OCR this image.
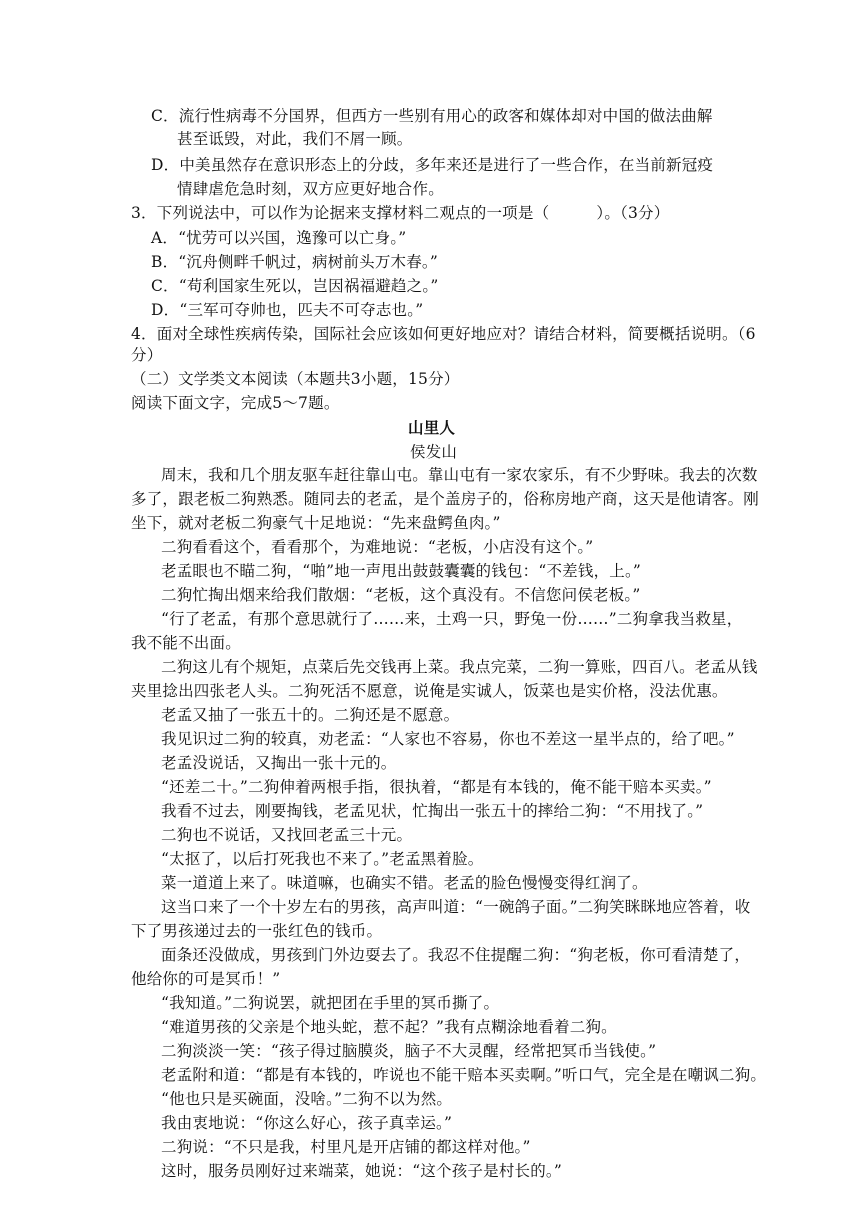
C．流行性病毒不分国界，但西方一些别有用心的政客和媒体却对中国的做法曲解
甚至诋毁，对此，我们不屑一顾。
D．中美虽然存在意识形态上的分歧，多年来还是进行了一些合作，在当前新冠疫
情肆虐危急时刻，双方应更好地合作。
3．下列说法中，可以作为论据来支撑材料二观点的一项是（　　　）。（3分）
A．“忧劳可以兴国，逸豫可以亡身。”
B．“沉舟侧畔千帆过，病树前头万木春。”
C．“苟利国家生死以，岂因祸福避趋之。”
D．“三军可夺帅也，匹夫不可夺志也。”
4．面对全球性疾病传染，国际社会应该如何更好地应对？请结合材料，简要概括说明。（6
分）
（二）文学类文本阅读（本题共3小题，15分）
阅读下面文字，完成5～7题。
山里人
侯发山
周末，我和几个朋友驱车赶往靠山屯。靠山屯有一家农家乐，有不少野味。我去的次数
多了，跟老板二狗熟悉。随同去的老孟，是个盖房子的，俗称房地产商，这天是他请客。刚
坐下，就对老板二狗豪气十足地说：“先来盘鳄鱼肉。”
二狗看看这个，看看那个，为难地说：“老板，小店没有这个。”
老孟眼也不瞄二狗，“啪”地一声甩出鼓鼓囊囊的钱包：“不差钱，上。”
二狗忙掏出烟来给我们散烟：“老板，这个真没有。不信您问侯老板。”
“行了老孟，有那个意思就行了……来，土鸡一只，野兔一份……”二狗拿我当救星，
我不能不出面。
二狗这儿有个规矩，点菜后先交钱再上菜。我点完菜，二狗一算账，四百八。老孟从钱
夹里捻出四张老人头。二狗死活不愿意，说俺是实诚人，饭菜也是实价格，没法优惠。
老孟又抽了一张五十的。二狗还是不愿意。
我见识过二狗的较真，劝老孟：“人家也不容易，你也不差这一星半点的，给了吧。”
老孟没说话，又掏出一张十元的。
“还差二十。”二狗伸着两根手指，很执着，“都是有本钱的，俺不能干赔本买卖。”
我看不过去，刚要掏钱，老孟见状，忙掏出一张五十的摔给二狗：“不用找了。”
二狗也不说话，又找回老孟三十元。
“太抠了，以后打死我也不来了。”老孟黑着脸。
菜一道道上来了。味道嘛，也确实不错。老孟的脸色慢慢变得红润了。
这当口来了一个十岁左右的男孩，高声叫道：“一碗鸽子面。”二狗笑眯眯地应答着，收
下了男孩递过去的一张红色的钱币。
面条还没做成，男孩到门外边耍去了。我忍不住提醒二狗：“狗老板，你可看清楚了，
他给你的可是冥币！”
“我知道。”二狗说罢，就把团在手里的冥币撕了。
“难道男孩的父亲是个地头蛇，惹不起？”我有点糊涂地看着二狗。
二狗淡淡一笑：“孩子得过脑膜炎，脑子不大灵醒，经常把冥币当钱使。”
老孟附和道：“都是有本钱的，咋说也不能干赔本买卖啊。”听口气，完全是在嘲讽二狗。
“他也只是买碗面，没啥。”二狗不以为然。
我由衷地说：“你这么好心，孩子真幸运。”
二狗说：“不只是我，村里凡是开店铺的都这样对他。”
这时，服务员刚好过来端菜，她说：“这个孩子是村长的。”
